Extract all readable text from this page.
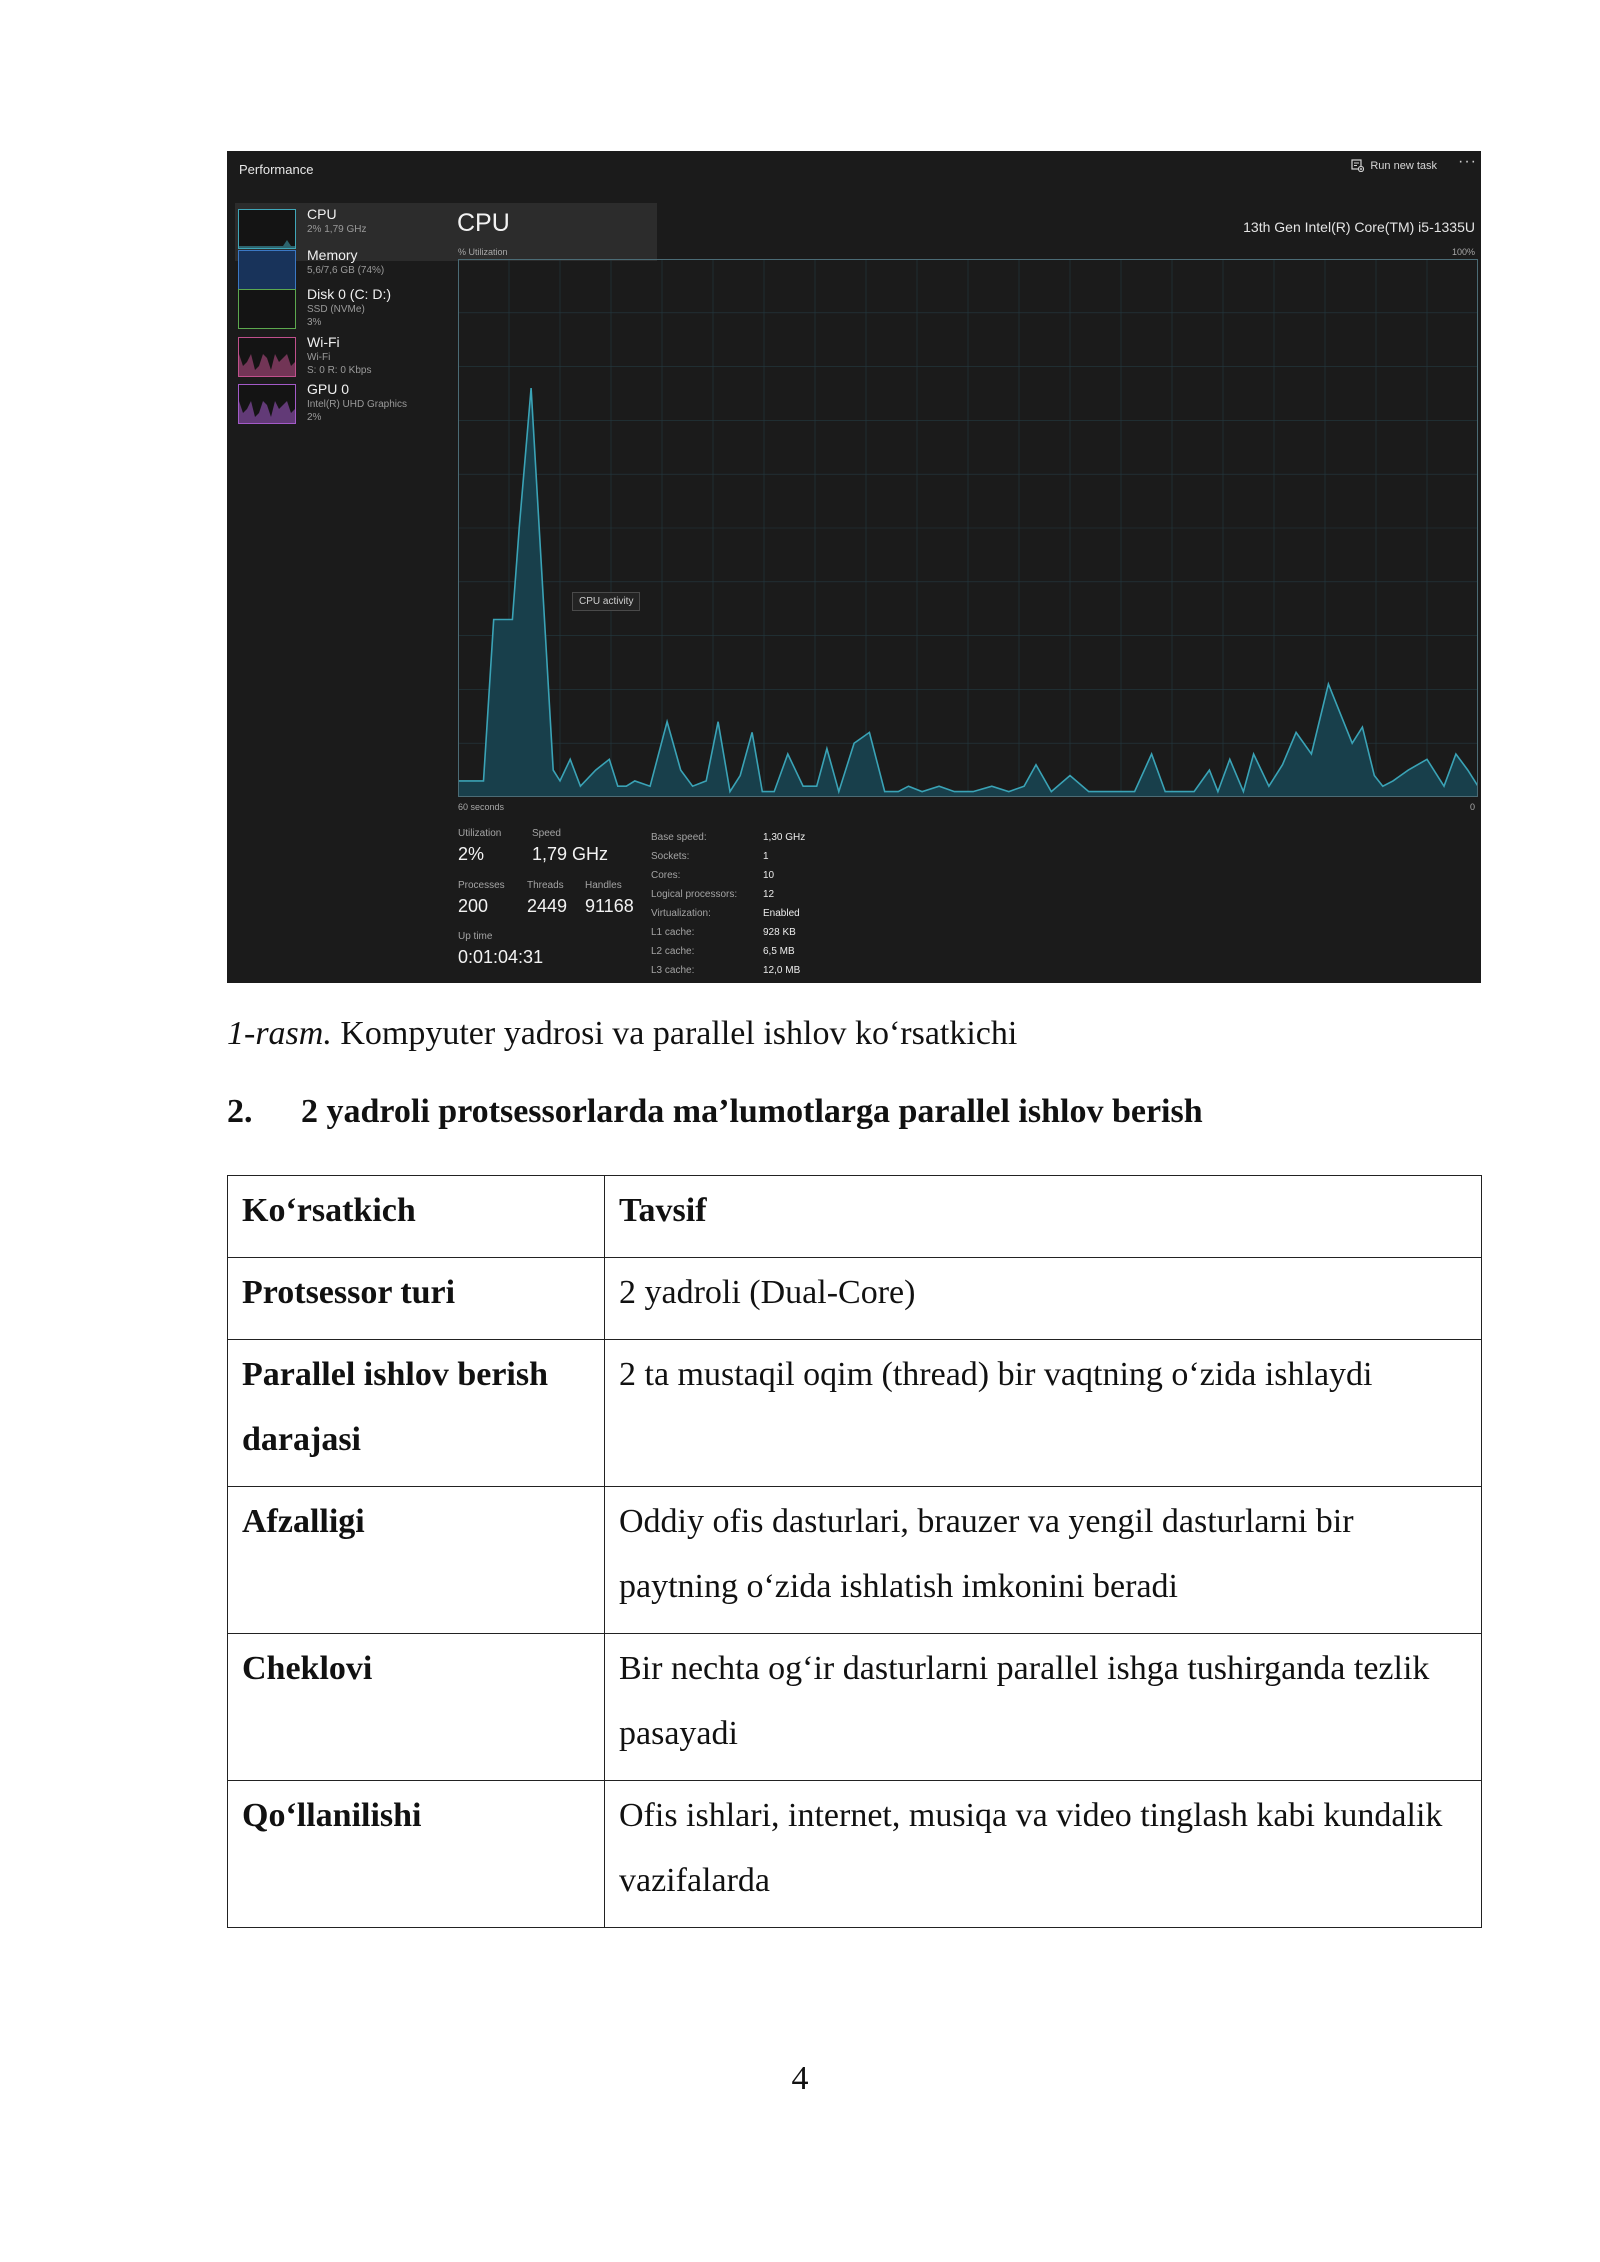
Performance	Run new task ···
CPU
2% 1,79 GHz
Memory
5,6/7,6 GB (74%)
Disk 0 (C: D:)
SSD (NVMe)
3%
Wi-Fi
Wi-Fi
S: 0 R: 0 Kbps
GPU 0
Intel(R) UHD Graphics
2%
CPU	13th Gen Intel(R) Core(TM) i5-1335U
% Utilization	100%
60 seconds	0
CPU activity
Utilization
2%
Speed
1,79 GHz
Processes
200
Threads
2449
Handles
91168
Up time
0:01:04:31
Base speed:	1,30 GHz
Sockets:	1
Cores:	10
Logical processors:	12
Virtualization:	Enabled
L1 cache:	928 KB
L2 cache:	6,5 MB
L3 cache:	12,0 MB
1-rasm. Kompyuter yadrosi va parallel ishlov ko‘rsatkichi
2. 2 yadroli protsessorlarda ma’lumotlarga parallel ishlov berish
Ko‘rsatkich	Tavsif
Protsessor turi	2 yadroli (Dual-Core)
Parallel ishlov berish darajasi	2 ta mustaqil oqim (thread) bir vaqtning o‘zida ishlaydi
Afzalligi	Oddiy ofis dasturlari, brauzer va yengil dasturlarni bir paytning o‘zida ishlatish imkonini beradi
Cheklovi	Bir nechta og‘ir dasturlarni parallel ishga tushirganda tezlik pasayadi
Qo‘llanilishi	Ofis ishlari, internet, musiqa va video tinglash kabi kundalik vazifalarda
4
